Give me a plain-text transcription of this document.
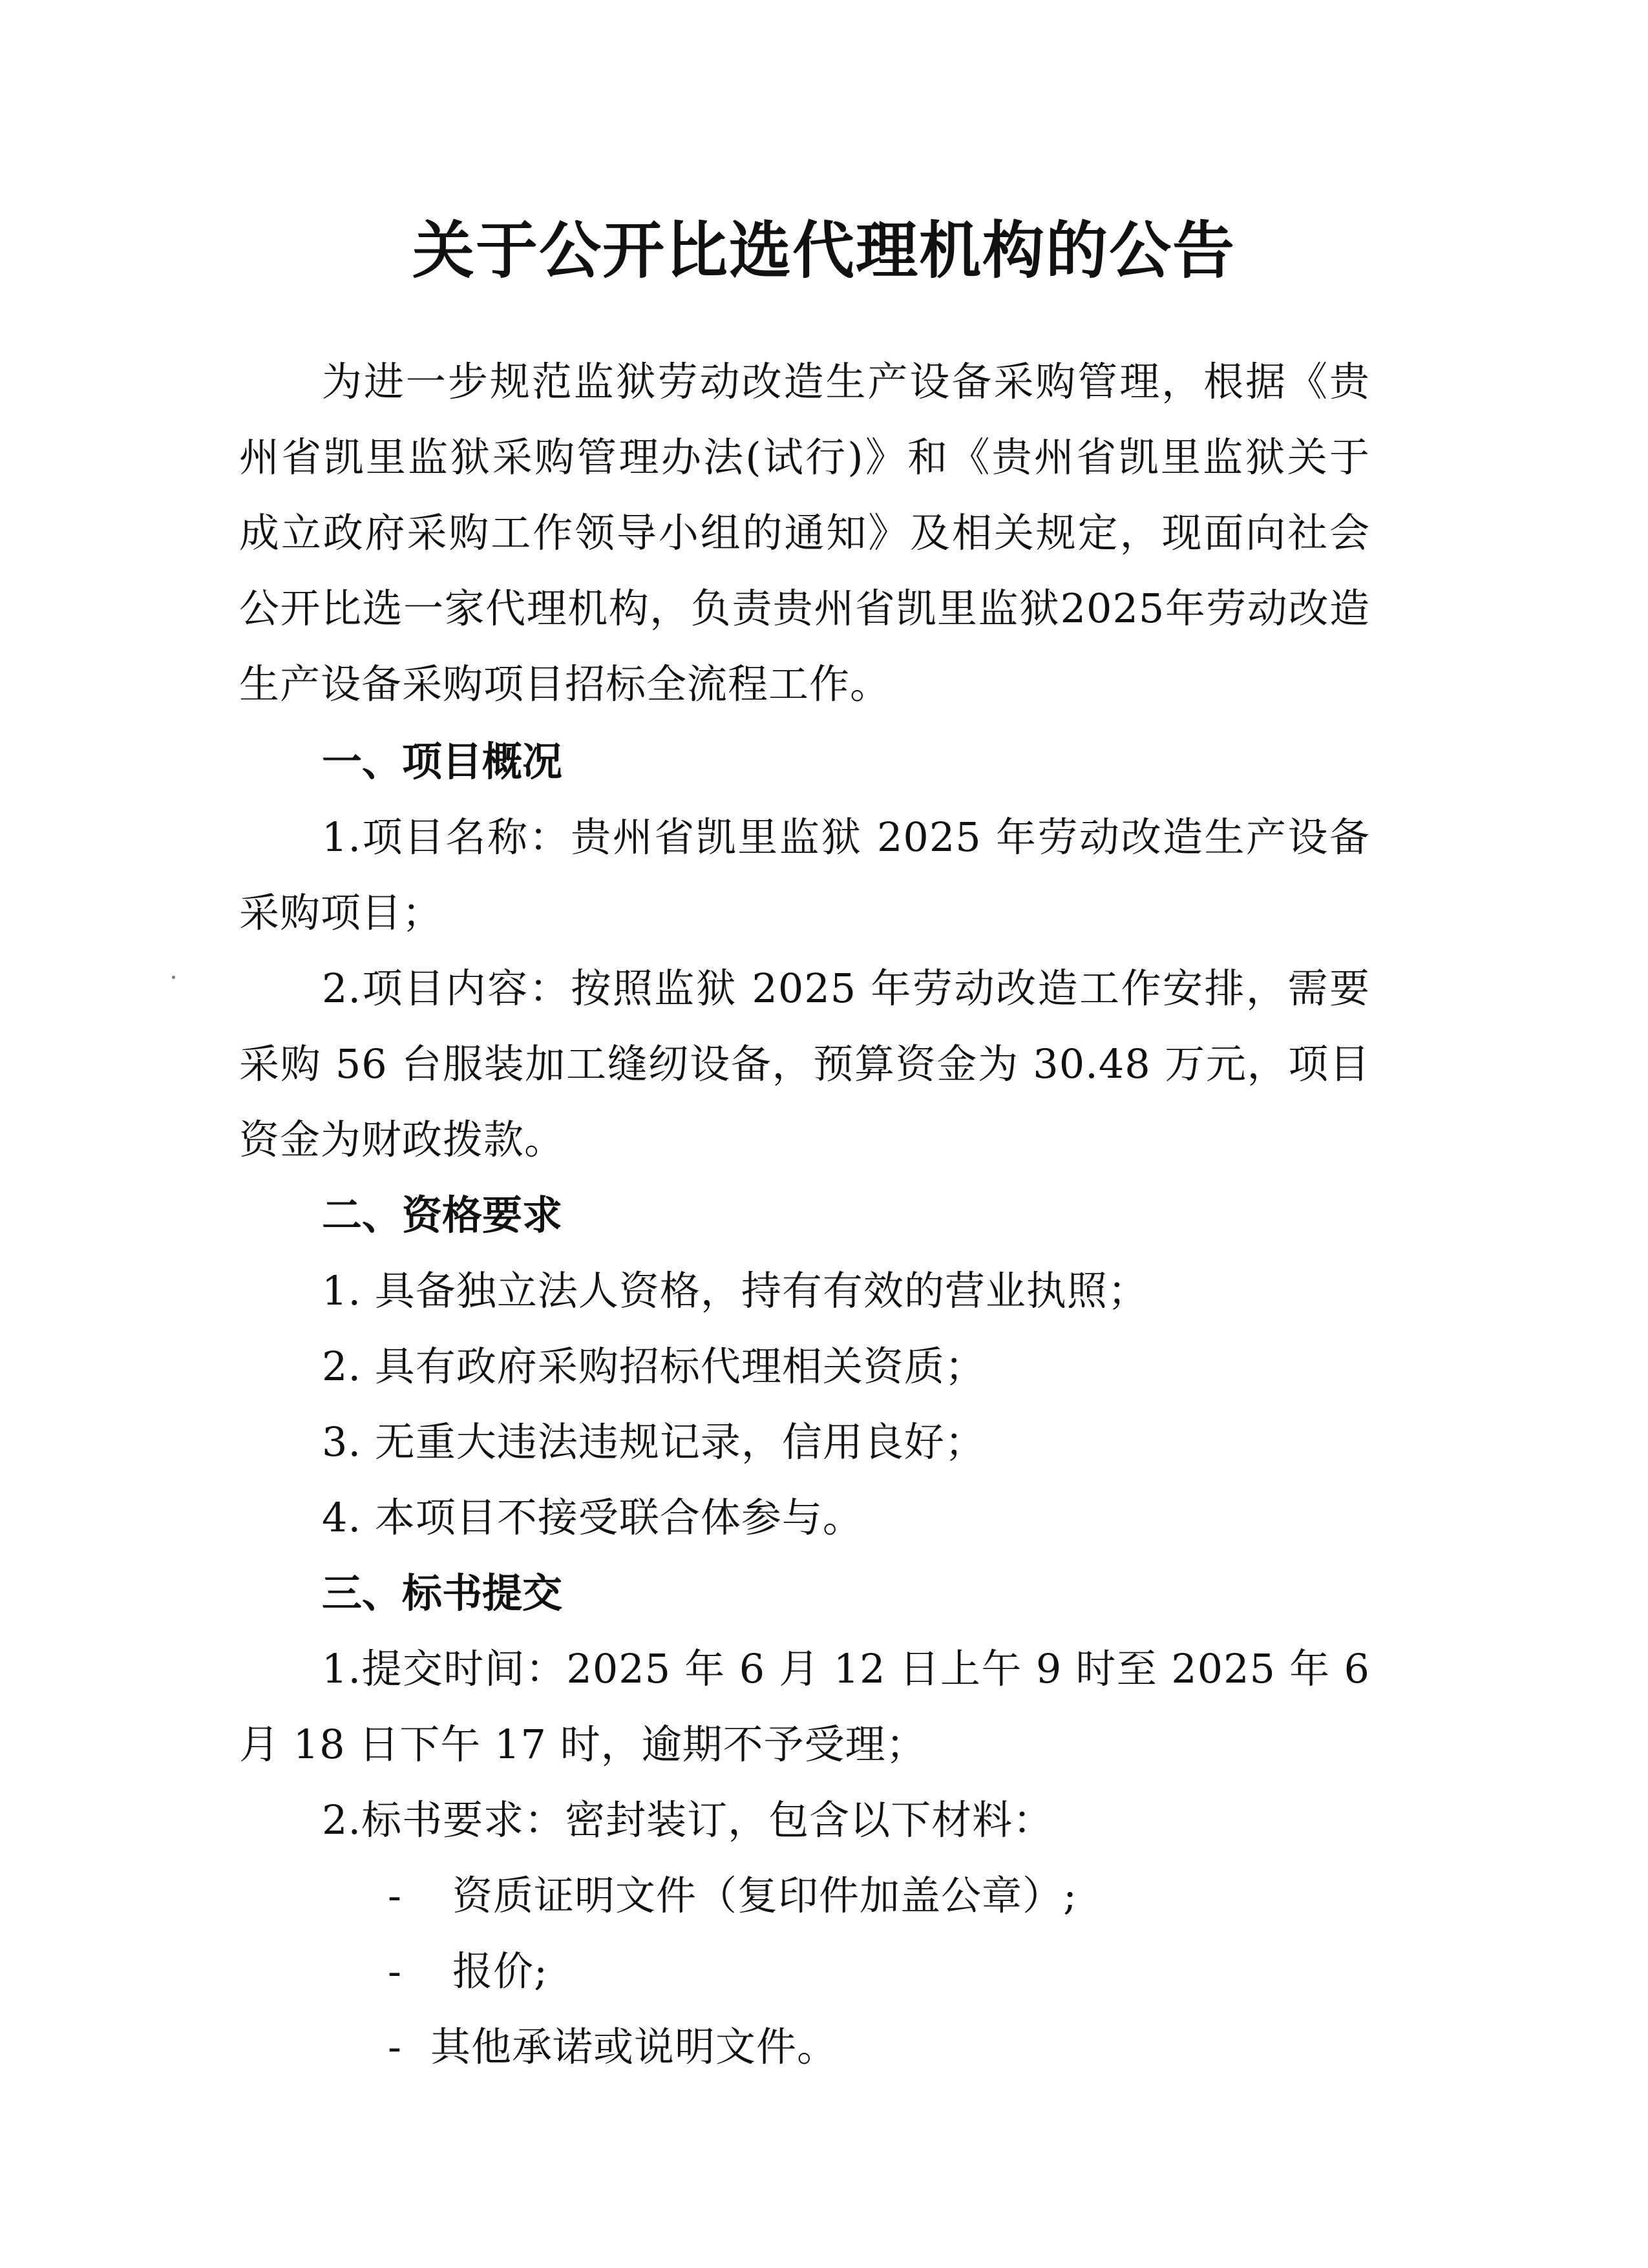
关于公开比选代理机构的公告

为进一步规范监狱劳动改造生产设备采购管理，根据《贵州省凯里监狱采购管理办法(试行)》和《贵州省凯里监狱关于成立政府采购工作领导小组的通知》及相关规定，现面向社会公开比选一家代理机构，负责贵州省凯里监狱2025年劳动改造生产设备采购项目招标全流程工作。

一、项目概况

1.项目名称：贵州省凯里监狱 2025 年劳动改造生产设备采购项目；

2.项目内容：按照监狱 2025 年劳动改造工作安排，需要采购 56 台服装加工缝纫设备，预算资金为 30.48 万元，项目资金为财政拨款。

二、资格要求

1. 具备独立法人资格，持有有效的营业执照；

2. 具有政府采购招标代理相关资质；

3. 无重大违法违规记录，信用良好；

4. 本项目不接受联合体参与。

三、标书提交

1.提交时间：2025 年 6 月 12 日上午 9 时至 2025 年 6 月 18 日下午 17 时，逾期不予受理；

2.标书要求：密封装订，包含以下材料：

- 资质证明文件（复印件加盖公章）;

- 报价;

- 其他承诺或说明文件。
